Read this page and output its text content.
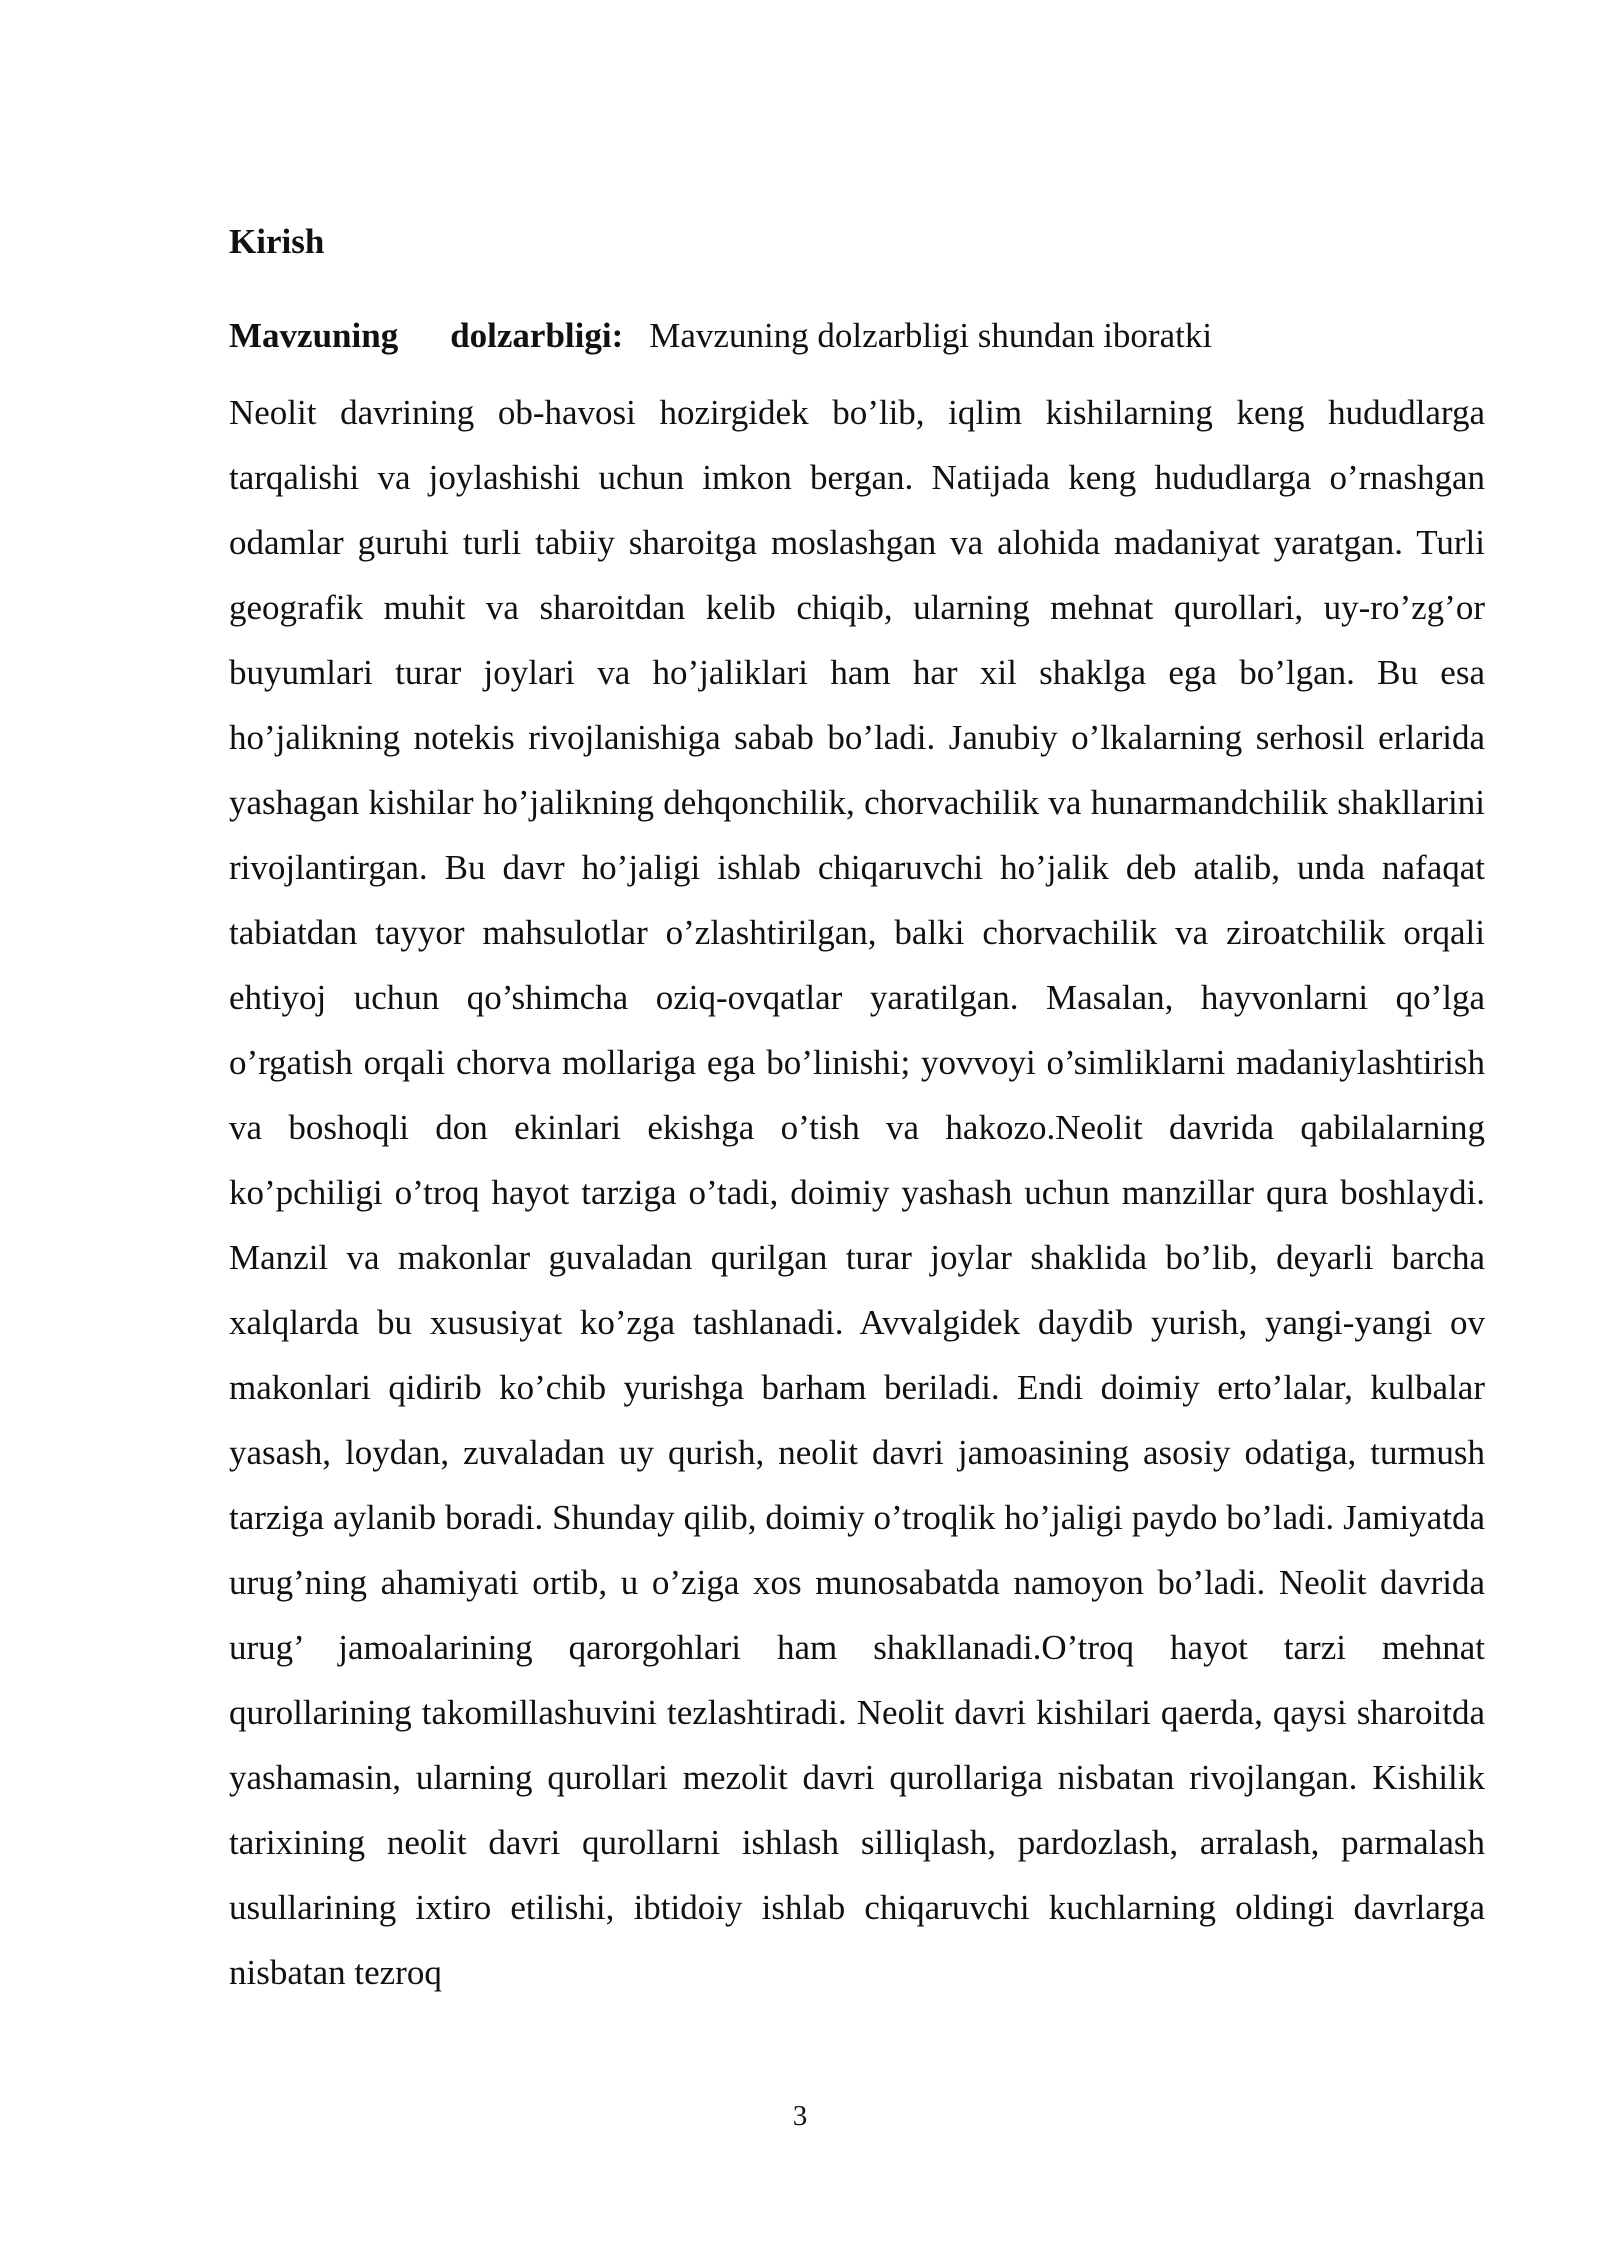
Kirish
Mavzuning dolzarbligi: Mavzuning dolzarbligi shundan iboratki

Neolit davrining ob-havosi hozirgidek bo’lib, iqlim kishilarning keng hududlarga tarqalishi va joylashishi uchun imkon bergan. Natijada keng hududlarga o’rnashgan odamlar guruhi turli tabiiy sharoitga moslashgan va alohida madaniyat yaratgan. Turli geografik muhit va sharoitdan kelib chiqib, ularning mehnat qurollari, uy-ro’zg’or buyumlari turar joylari va ho’jaliklari ham har xil shaklga ega bo’lgan. Bu esa ho’jalikning notekis rivojlanishiga sabab bo’ladi. Janubiy o’lkalarning serhosil erlarida yashagan kishilar ho’jalikning dehqonchilik, chorvachilik va hunarmandchilik shakllarini rivojlantirgan. Bu davr ho’jaligi ishlab chiqaruvchi ho’jalik deb atalib, unda nafaqat tabiatdan tayyor mahsulotlar o’zlashtirilgan, balki chorvachilik va ziroatchilik orqali ehtiyoj uchun qo’shimcha oziq-ovqatlar yaratilgan. Masalan, hayvonlarni qo’lga o’rgatish orqali chorva mollariga ega bo’linishi; yovvoyi o’simliklarni madaniylashtirish va boshoqli don ekinlari ekishga o’tish va hakozo.Neolit davrida qabilalarning ko’pchiligi o’troq hayot tarziga o’tadi, doimiy yashash uchun manzillar qura boshlaydi. Manzil va makonlar guvaladan qurilgan turar joylar shaklida bo’lib, deyarli barcha xalqlarda bu xususiyat ko’zga tashlanadi. Avvalgidek daydib yurish, yangi-yangi ov makonlari qidirib ko’chib yurishga barham beriladi. Endi doimiy erto’lalar, kulbalar yasash, loydan, zuvaladan uy qurish, neolit davri jamoasining asosiy odatiga, turmush tarziga aylanib boradi. Shunday qilib, doimiy o’troqlik ho’jaligi paydo bo’ladi. Jamiyatda urug’ning ahamiyati ortib, u o’ziga xos munosabatda namoyon bo’ladi. Neolit davrida urug’ jamoalarining qarorgohlari ham shakllanadi.O’troq hayot tarzi mehnat qurollarining takomillashuvini tezlashtiradi. Neolit davri kishilari qaerda, qaysi sharoitda yashamasin, ularning qurollari mezolit davri qurollariga nisbatan rivojlangan. Kishilik tarixining neolit davri qurollarni ishlash silliqlash, pardozlash, arralash, parmalash usullarining ixtiro etilishi, ibtidoiy ishlab chiqaruvchi kuchlarning oldingi davrlarga nisbatan tezroq

3
